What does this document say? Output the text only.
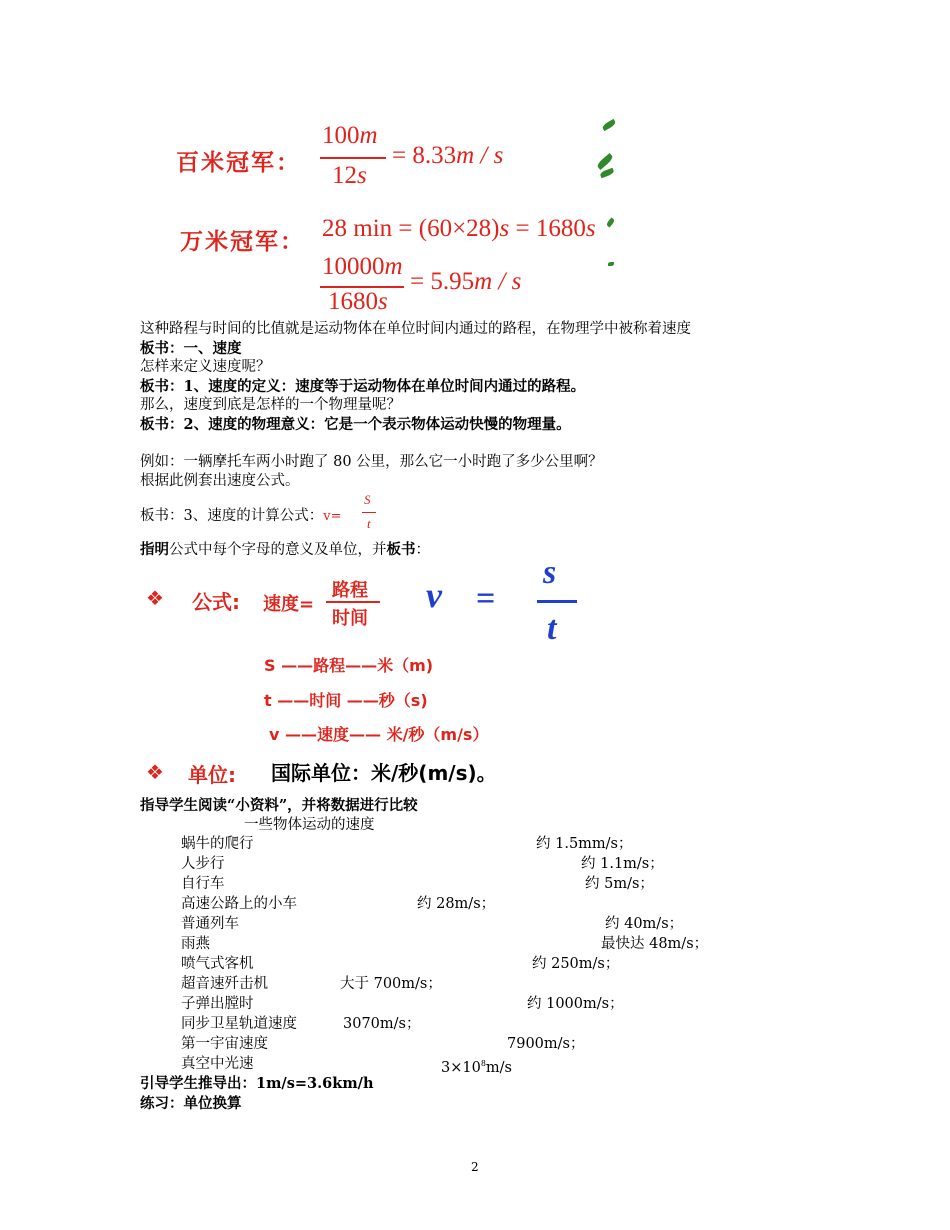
百米冠军：
100m
12s
= 8.33m / s
万米冠军： 28 min = (60×28)s = 1680s
10000m
1680s
= 5.95m / s
这种路程与时间的比值就是运动物体在单位时间内通过的路程，在物理学中被称着速度
板书：一、速度
怎样来定义速度呢？
板书：1、速度的定义：速度等于运动物体在单位时间内通过的路程。
那么，速度到底是怎样的一个物理量呢？
板书：2、速度的物理意义：它是一个表示物体运动快慢的物理量。
例如：一辆摩托车两小时跑了 80 公里，那么它一小时跑了多少公里啊？
根据此例套出速度公式。
板书：3、速度的计算公式：v=
S
t
指明公式中每个字母的意义及单位，并板书：
❖ 公式: 速度=
路程
时间
v =
s
t
S ——路程——米（m)
t ——时间 ——秒（s)
v ——速度—— 米/秒（m/s）
❖ 单位: 国际单位：米/秒(m/s)。
指导学生阅读“小资料”，并将数据进行比较
一些物体运动的速度
蜗牛的爬行	约 1.5mm/s；
人步行	约 1.1m/s；
自行车	约 5m/s；
高速公路上的小车	约 28m/s；
普通列车	约 40m/s；
雨燕	最快达 48m/s；
喷气式客机	约 250m/s；
超音速歼击机	大于 700m/s；
子弹出膛时	约 1000m/s；
同步卫星轨道速度	3070m/s；
第一宇宙速度	7900m/s；
真空中光速	$3\times 10^8m/s$
引导学生推导出：1m/s=3.6km/h
练习：单位换算
2
